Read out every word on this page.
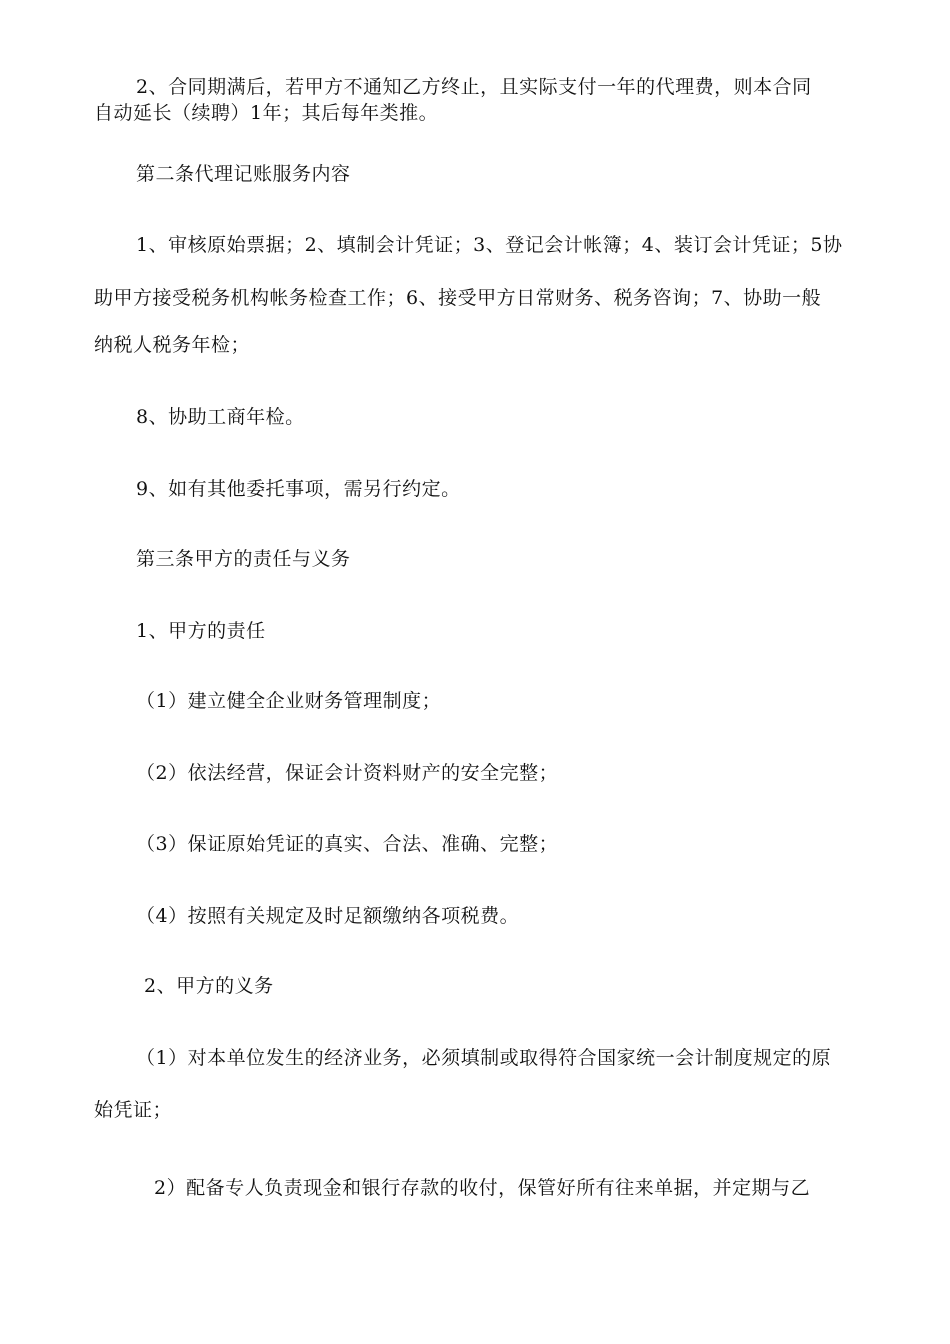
2、合同期满后，若甲方不通知乙方终止，且实际支付一年的代理费，则本合同
自动延长（续聘）1年；其后每年类推。

第二条代理记账服务内容

1、审核原始票据；2、填制会计凭证；3、登记会计帐簿；4、装订会计凭证；5协
助甲方接受税务机构帐务检查工作；6、接受甲方日常财务、税务咨询；7、协助一般
纳税人税务年检；

8、协助工商年检。

9、如有其他委托事项，需另行约定。

第三条甲方的责任与义务

1、甲方的责任

（1）建立健全企业财务管理制度；

（2）依法经营，保证会计资料财产的安全完整；

（3）保证原始凭证的真实、合法、准确、完整；

（4）按照有关规定及时足额缴纳各项税费。

2、甲方的义务

（1）对本单位发生的经济业务，必须填制或取得符合国家统一会计制度规定的原
始凭证；

2）配备专人负责现金和银行存款的收付，保管好所有往来单据，并定期与乙
